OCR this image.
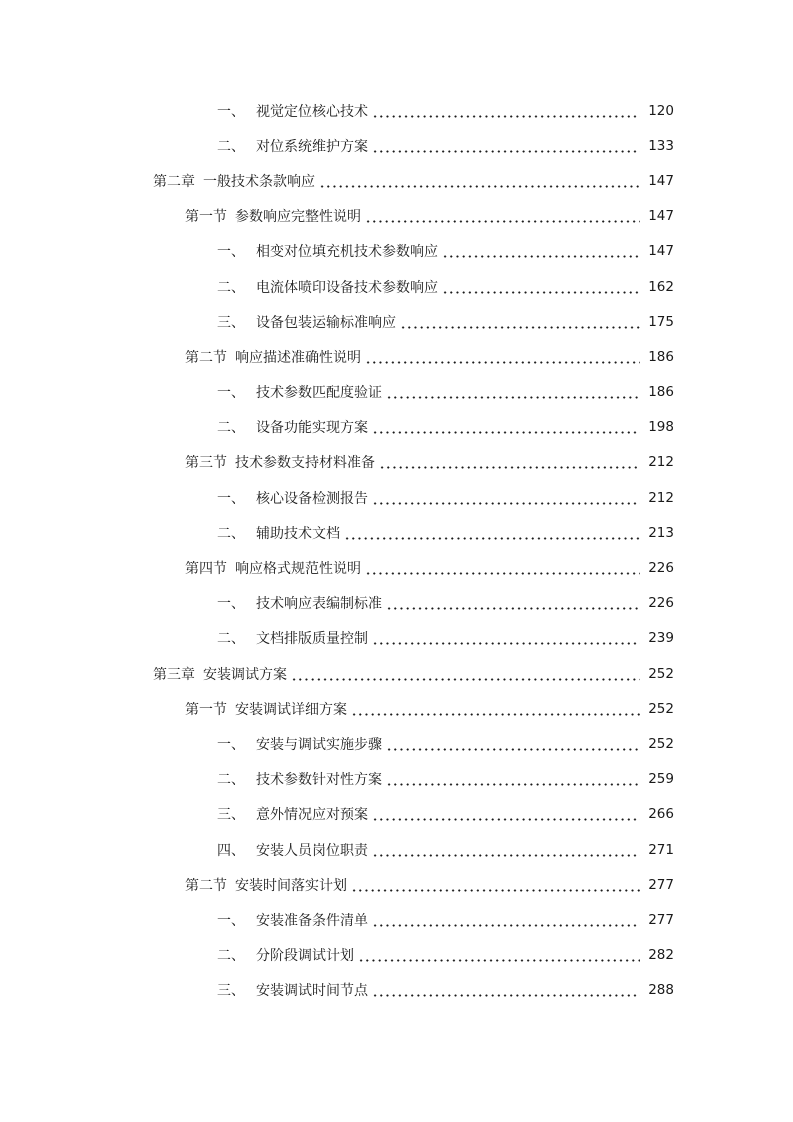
一、 视觉定位核心技术	120
二、 对位系统维护方案	133
第二章 一般技术条款响应	147
第一节 参数响应完整性说明	147
一、 相变对位填充机技术参数响应	147
二、 电流体喷印设备技术参数响应	162
三、 设备包装运输标准响应	175
第二节 响应描述准确性说明	186
一、 技术参数匹配度验证	186
二、 设备功能实现方案	198
第三节 技术参数支持材料准备	212
一、 核心设备检测报告	212
二、 辅助技术文档	213
第四节 响应格式规范性说明	226
一、 技术响应表编制标准	226
二、 文档排版质量控制	239
第三章 安装调试方案	252
第一节 安装调试详细方案	252
一、 安装与调试实施步骤	252
二、 技术参数针对性方案	259
三、 意外情况应对预案	266
四、 安装人员岗位职责	271
第二节 安装时间落实计划	277
一、 安装准备条件清单	277
二、 分阶段调试计划	282
三、 安装调试时间节点	288
